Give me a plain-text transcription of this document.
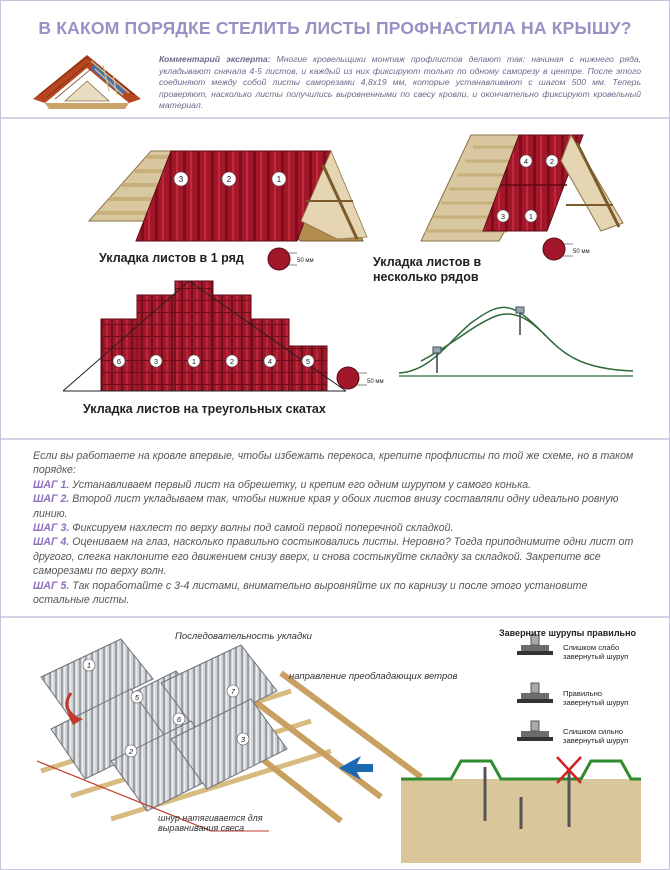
В КАКОМ ПОРЯДКЕ СТЕЛИТЬ ЛИСТЫ ПРОФНАСТИЛА НА КРЫШУ?
Комментарий эксперта: Многие кровельщики монтаж профлистов делают так: начиная с нижнего ряда, укладывают сначала 4-5 листов, и каждый из них фиксируют только по одному саморезу в центре. После этого соединяют между собой листы саморезами 4,8х19 мм, которые устанавливают с шагом 500 мм. Теперь проверяют, насколько листы получились выровненными по свесу кровли, и окончательно фиксируют кровельный материал.
3	2	1
50 мм
4	2
3	1
50 мм
6	3	1	2	4	5
50 мм
Укладка листов в 1 ряд	Укладка листов в
несколько рядов
Укладка листов на треугольных скатах

Если вы работаете на кровле впервые, чтобы избежать перекоса, крепите профлисты по той же схеме, но в таком порядке:

ШАГ 1. Устанавливаем первый лист на обрешетку, и крепим его одним шурупом у самого конька.

ШАГ 2. Второй лист укладываем так, чтобы нижние края у обоих листов внизу составляли одну идеально ровную линию.

ШАГ 3. Фиксируем нахлест по верху волны под самой первой поперечной складкой.

ШАГ 4. Оцениваем на глаз, насколько правильно состыковались листы. Неровно? Тогда приподнимите одни лист от другого, слегка наклоните его движением снизу вверх, и снова состыкуйте складку за складкой. Закрепите все саморезами по верху волн.

ШАГ 5. Так поработайте с 3-4 листами, внимательно выровняйте их по карнизу и после этого установите остальные листы.

1
5
6
7
2
3
Последовательность укладки
направление преобладающих ветров
шнур натягивается для
выравнивания свеса
Заверните шурупы правильно
Слишком слабо завернутый шуруп
Правильно завернутый шуруп
Слишком сильно завернутый шуруп
